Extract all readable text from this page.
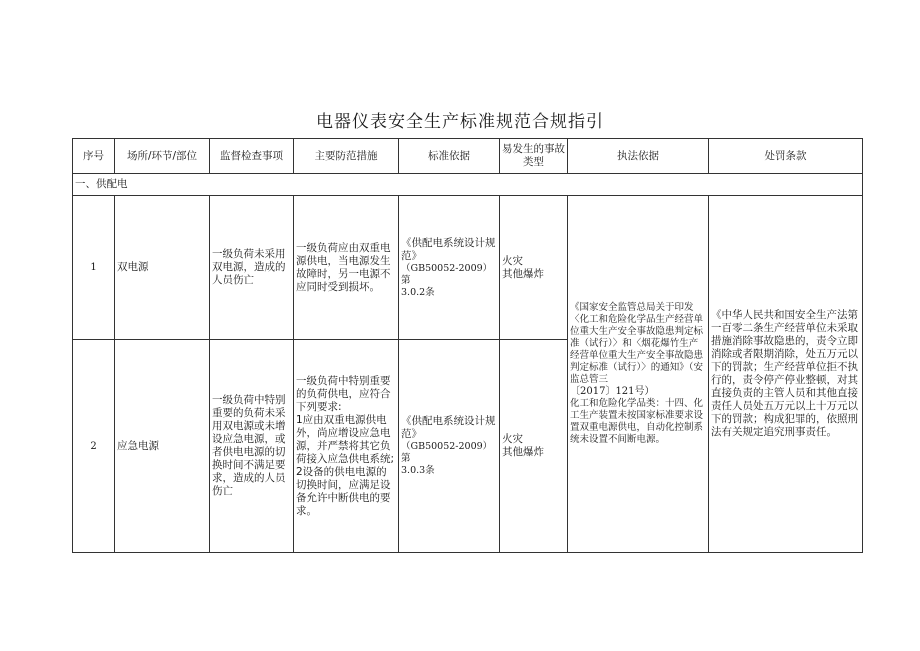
电器仪表安全生产标准规范合规指引
序号	场所/环节/部位	监督检查事项	主要防范措施	标准依据	易发生的事故类型	执法依据	处罚条款
一、供配电							
1	双电源	一级负荷未采用双电源，造成的人员伤亡	一级负荷应由双重电源供电，当电源发生故障时，另一电源不应同时受到损坏。	《供配电系统设计规范》
（GB50052-2009）第
3.0.2条	火灾
其他爆炸	《国家安全监管总局关于印发〈化工和危险化学品生产经营单位重大生产安全事故隐患判定标准（试行）〉和〈烟花爆竹生产经营单位重大生产安全事故隐患判定标准（试行）〉的通知》（安监总管三
〔2017〕121号）
化工和危险化学品类：十四、化工生产装置未按国家标准要求设置双重电源供电，自动化控制系统未设置不间断电源。	《中华人民共和国安全生产法第一百零二条生产经营单位未采取措施消除事故隐患的，责令立即消除或者限期消除，处五万元以下的罚款；生产经营单位拒不执行的，责令停产停业整顿，对其直接负责的主管人员和其他直接责任人员处五万元以上十万元以下的罚款；构成犯罪的，依照刑法有关规定追究刑事责任。
2	应急电源	一级负荷中特别重要的负荷未采用双电源或未增设应急电源，或者供电电源的切换时间不满足要求，造成的人员伤亡	一级负荷中特别重要的负荷供电，应符合下列要求:
1应由双重电源供电外，尚应增设应急电源，并严禁将其它负荷接入应急供电系统;
2设备的供电电源的切换时间，应满足设备允许中断供电的要求。	《供配电系统设计规范》
（GB50052-2009）第
3.0.3条	火灾
其他爆炸		
